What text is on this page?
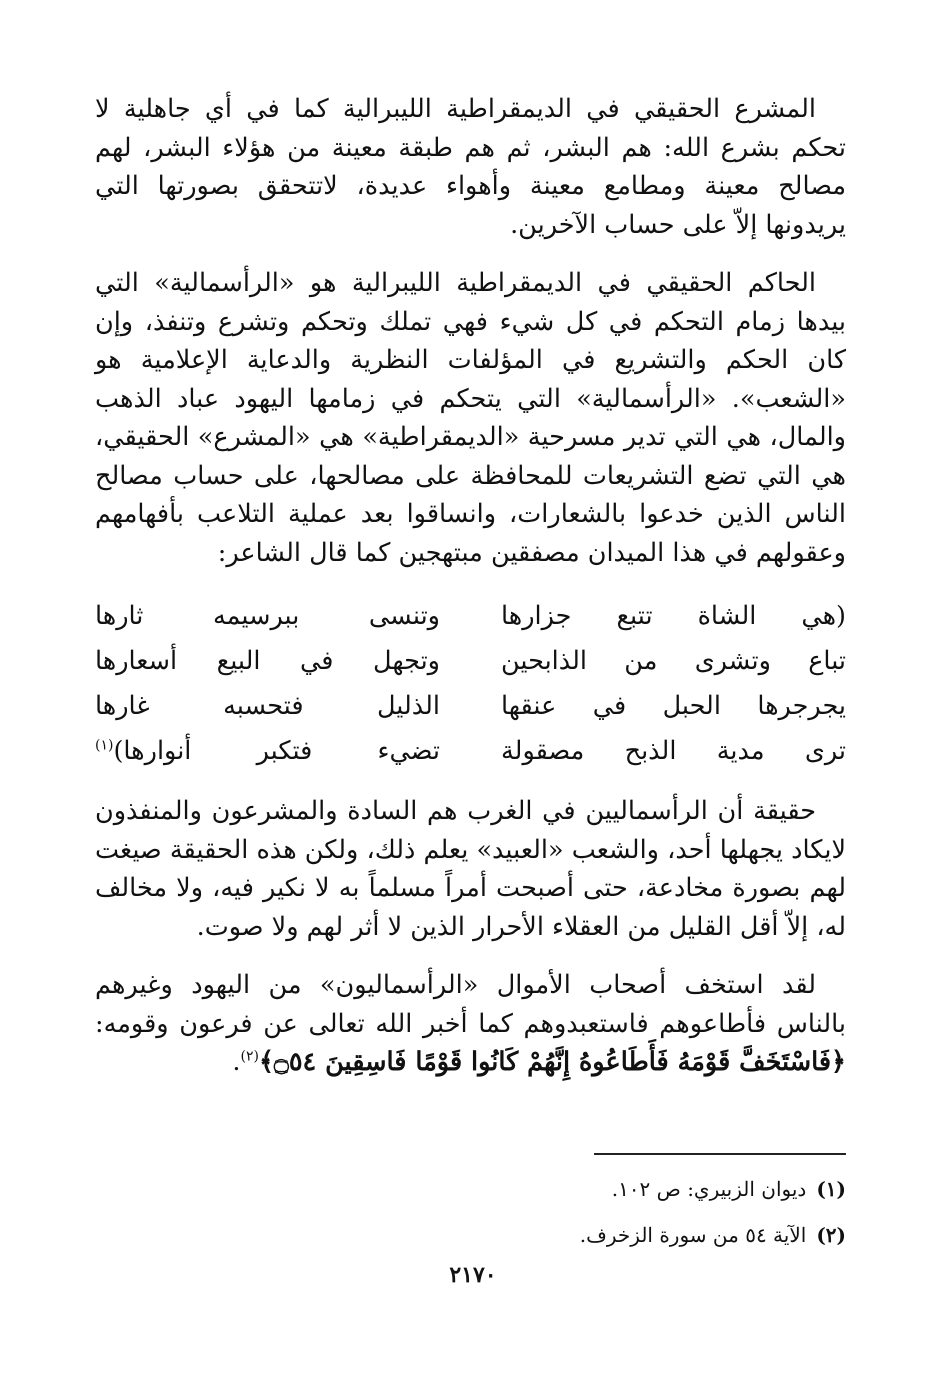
المشرع الحقيقي في الديمقراطية الليبرالية كما في أي جاهلية لا تحكم بشرع الله: هم البشر، ثم هم طبقة معينة من هؤلاء البشر، لهم مصالح معينة ومطامع معينة وأهواء عديدة، لاتتحقق بصورتها التي يريدونها إلاّ على حساب الآخرين.

الحاكم الحقيقي في الديمقراطية الليبرالية هو «الرأسمالية» التي بيدها زمام التحكم في كل شيء فهي تملك وتحكم وتشرع وتنفذ، وإن كان الحكم والتشريع في المؤلفات النظرية والدعاية الإعلامية هو «الشعب». «الرأسمالية» التي يتحكم في زمامها اليهود عباد الذهب والمال، هي التي تدير مسرحية «الديمقراطية» هي «المشرع» الحقيقي، هي التي تضع التشريعات للمحافظة على مصالحها، على حساب مصالح الناس الذين خدعوا بالشعارات، وانساقوا بعد عملية التلاعب بأفهامهم وعقولهم في هذا الميدان مصفقين مبتهجين كما قال الشاعر:

(هي الشاة تتبع جزارها
وتنسى ببرسيمه ثارها
تباع وتشرى من الذابحين
وتجهل في البيع أسعارها
يجرجرها الحبل في عنقها
الذليل فتحسبه غارها
ترى مدية الذبح مصقولة
تضيء فتكبر أنوارها)$^{(١)}$

حقيقة أن الرأسماليين في الغرب هم السادة والمشرعون والمنفذون لايكاد يجهلها أحد، والشعب «العبيد» يعلم ذلك، ولكن هذه الحقيقة صيغت لهم بصورة مخادعة، حتى أصبحت أمراً مسلماً به لا نكير فيه، ولا مخالف له، إلاّ أقل القليل من العقلاء الأحرار الذين لا أثر لهم ولا صوت.

لقد استخف أصحاب الأموال «الرأسماليون» من اليهود وغيرهم بالناس فأطاعوهم فاستعبدوهم كما أخبر الله تعالى عن فرعون وقومه: ﴿فَاسْتَخَفَّ قَوْمَهُ فَأَطَاعُوهُ إِنَّهُمْ كَانُوا قَوْمًا فَاسِقِينَ ۝٥٤﴾$^{(٢)}$.

(١)ديوان الزبيري: ص ١٠٢.
(٢)الآية ٥٤ من سورة الزخرف.
٢١٧٠
